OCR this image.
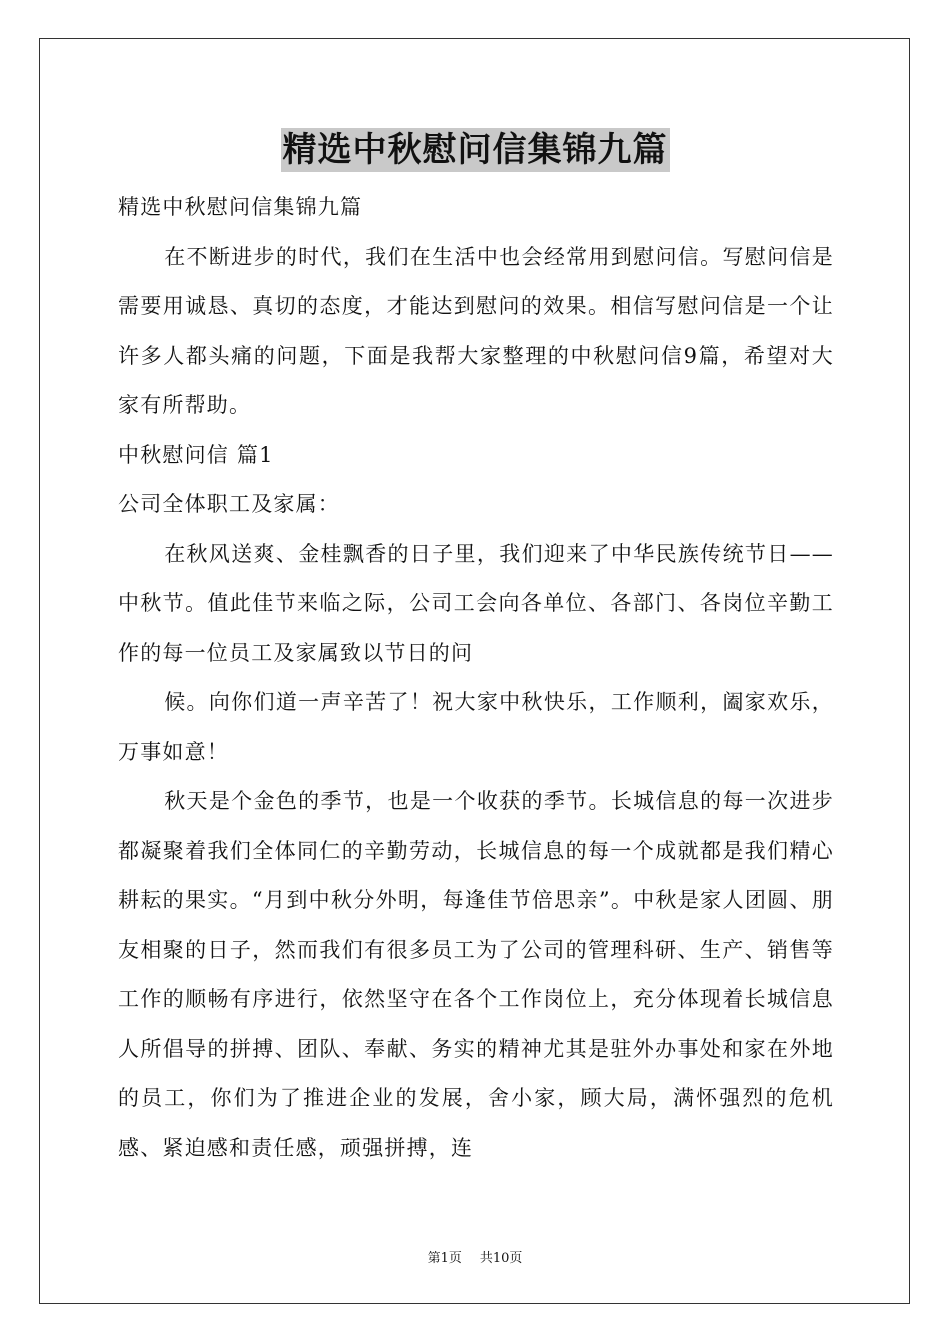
精选中秋慰问信集锦九篇

精选中秋慰问信集锦九篇

在不断进步的时代，我们在生活中也会经常用到慰问信。写慰问信是需要用诚恳、真切的态度，才能达到慰问的效果。相信写慰问信是一个让许多人都头痛的问题，下面是我帮大家整理的中秋慰问信9篇，希望对大家有所帮助。

中秋慰问信 篇1

公司全体职工及家属：

在秋风送爽、金桂飘香的日子里，我们迎来了中华民族传统节日——中秋节。值此佳节来临之际，公司工会向各单位、各部门、各岗位辛勤工作的每一位员工及家属致以节日的问

候。向你们道一声辛苦了！祝大家中秋快乐，工作顺利，阖家欢乐，万事如意！

秋天是个金色的季节，也是一个收获的季节。长城信息的每一次进步都凝聚着我们全体同仁的辛勤劳动，长城信息的每一个成就都是我们精心耕耘的果实。“月到中秋分外明，每逢佳节倍思亲”。中秋是家人团圆、朋友相聚的日子，然而我们有很多员工为了公司的管理科研、生产、销售等工作的顺畅有序进行，依然坚守在各个工作岗位上，充分体现着长城信息人所倡导的拼搏、团队、奉献、务实的精神尤其是驻外办事处和家在外地的员工，你们为了推进企业的发展，舍小家，顾大局，满怀强烈的危机感、紧迫感和责任感，顽强拼搏，连

第1页 共10页
